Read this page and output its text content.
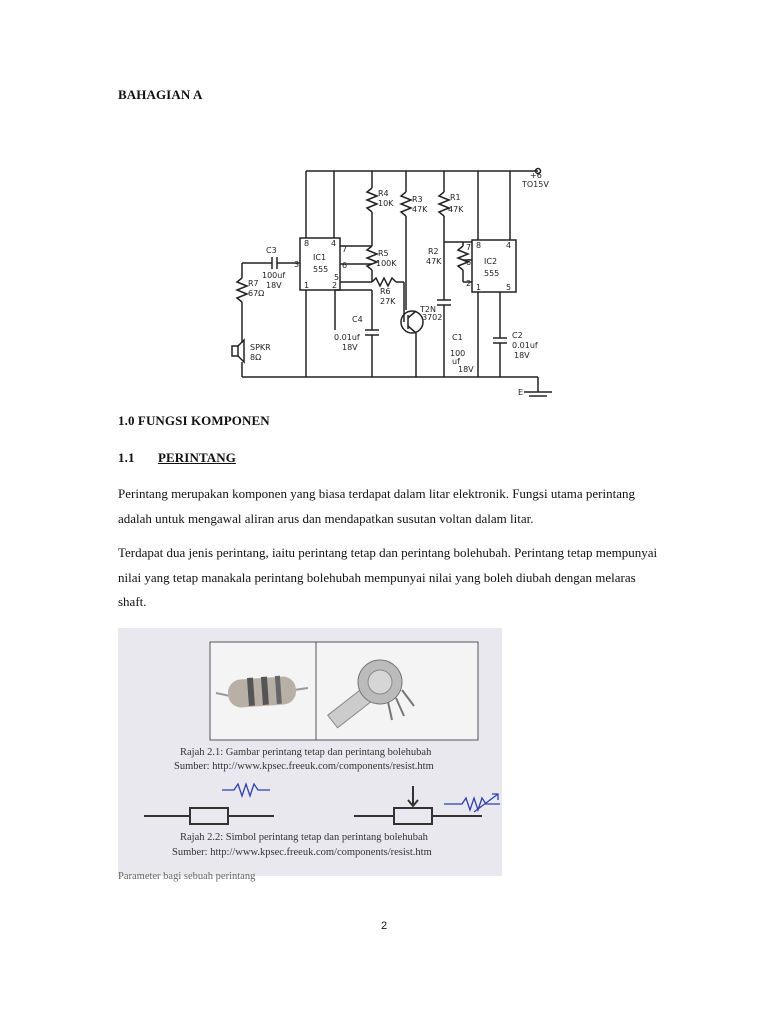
BAHAGIAN A
+6
TO15V
E
8	4
7
6
3
1
5
2
IC1
555
8	4
7
6
2 1	5
IC2
555
R4
10K R3
47K
R1
47K
R5
100K
R6
27K
R2
47K
R7
67Ω
C3
100uf
18V
C4
0.01uf
18V
C1
100
uf
18V
C2
0.01uf
18V
T2N
3702
SPKR
8Ω
1.0 FUNGSI KOMPONEN
1.1 PERINTANG

Perintang merupakan komponen yang biasa terdapat dalam litar elektronik. Fungsi utama perintang adalah untuk mengawal aliran arus dan mendapatkan susutan voltan dalam litar.

Terdapat dua jenis perintang, iaitu perintang tetap dan perintang bolehubah. Perintang tetap mempunyai nilai yang tetap manakala perintang bolehubah mempunyai nilai yang boleh diubah dengan melaras shaft.

Rajah 2.1: Gambar perintang tetap dan perintang bolehubah
Sumber: http://www.kpsec.freeuk.com/components/resist.htm
Rajah 2.2: Simbol perintang tetap dan perintang bolehubah
Sumber: http://www.kpsec.freeuk.com/components/resist.htm
Parameter bagi sebuah perintang
2
